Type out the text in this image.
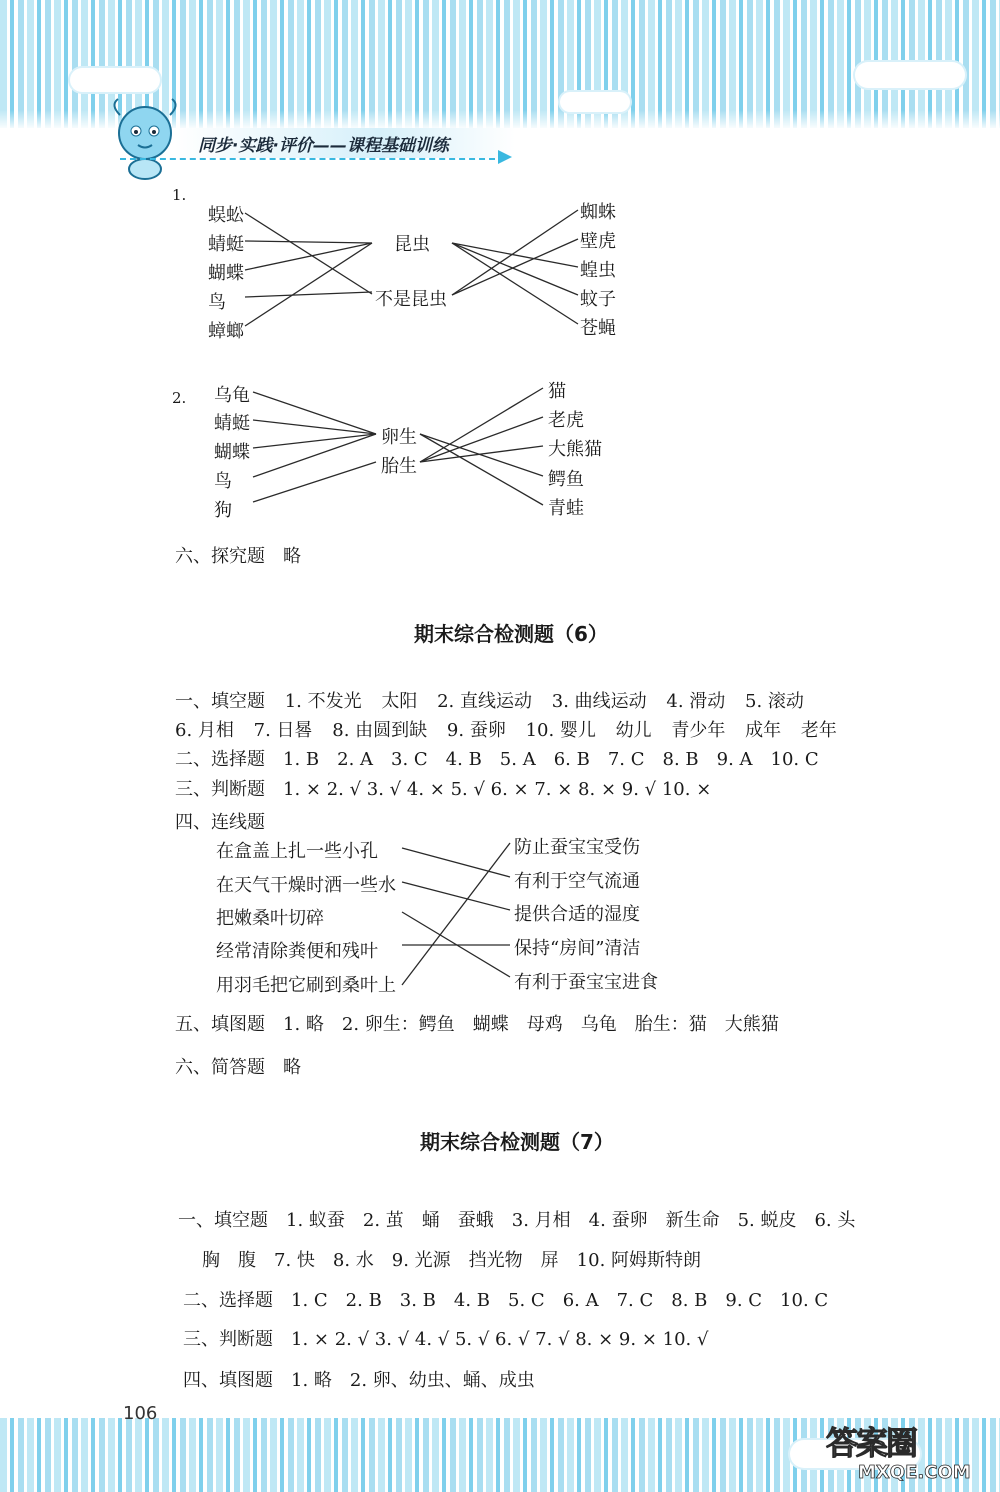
同步·实践·评价——课程基础训练
1.
蜈蚣
蜻蜓
蝴蝶
鸟
蟑螂
昆虫
不是昆虫
蜘蛛
壁虎
蝗虫
蚊子
苍蝇
2. 乌龟
蜻蜓
蝴蝶
鸟
狗
卵生
胎生
猫
老虎
大熊猫
鳄鱼
青蛙
六、探究题　略
期末综合检测题（6）
一、填空题 1. 不发光 太阳 2. 直线运动 3. 曲线运动 4. 滑动 5. 滚动
6. 月相 7. 日晷 8. 由圆到缺 9. 蚕卵 10. 婴儿 幼儿 青少年 成年 老年
二、选择题　1. B　2. A　3. C　4. B　5. A　6. B　7. C　8. B　9. A　10. C
三、判断题　1. × 2. √ 3. √ 4. × 5. √ 6. × 7. × 8. × 9. √ 10. ×
四、连线题
在盒盖上扎一些小孔
在天气干燥时洒一些水
把嫩桑叶切碎
经常清除粪便和残叶
用羽毛把它刷到桑叶上
防止蚕宝宝受伤
有利于空气流通
提供合适的湿度
保持“房间”清洁
有利于蚕宝宝进食
五、填图题　1. 略　2. 卵生：鳄鱼　蝴蝶　母鸡　乌龟　胎生：猫　大熊猫
六、简答题　略
期末综合检测题（7）
一、填空题　1. 蚁蚕　2. 茧　蛹　蚕蛾　3. 月相　4. 蚕卵　新生命　5. 蜕皮　6. 头
胸　腹　7. 快　8. 水　9. 光源　挡光物　屏　10. 阿姆斯特朗
二、选择题　1. C　2. B　3. B　4. B　5. C　6. A　7. C　8. B　9. C　10. C
三、判断题　1. × 2. √ 3. √ 4. √ 5. √ 6. √ 7. √ 8. × 9. × 10. √
四、填图题　1. 略　2. 卵、幼虫、蛹、成虫
106
答案圈
MXQE.COM
